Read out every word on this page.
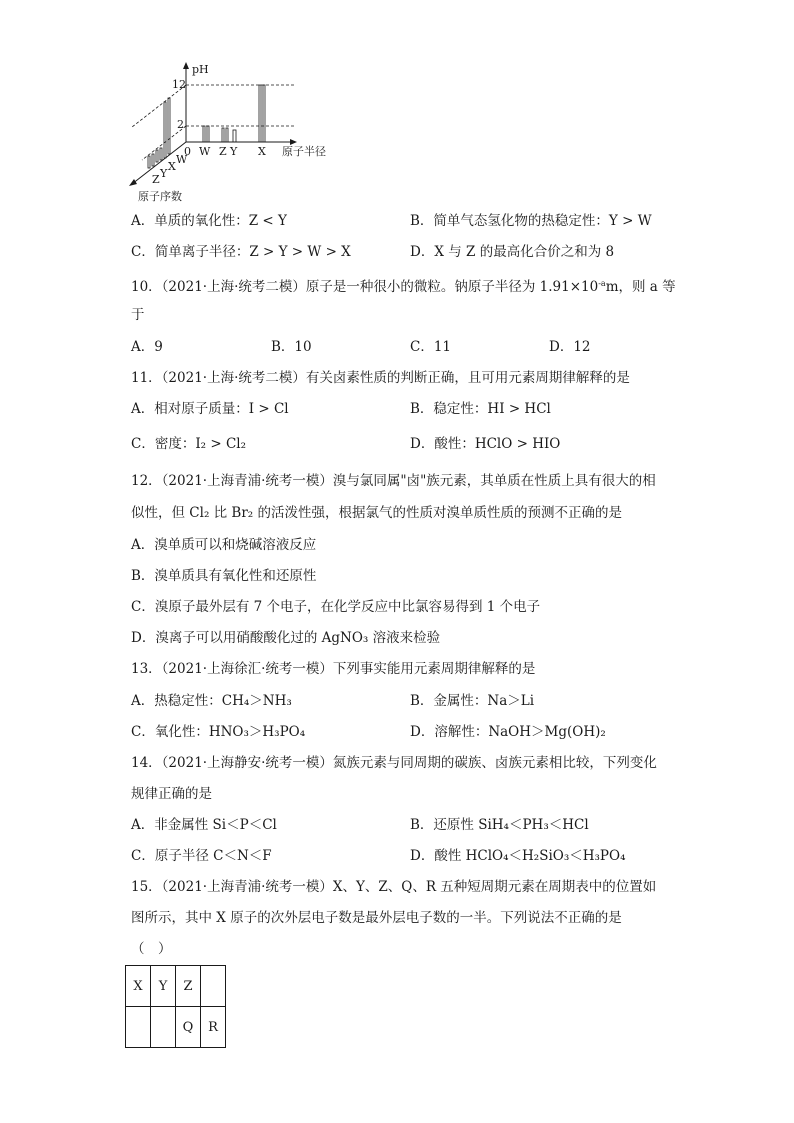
pH
12
2
0 W Z Y X 原子半径
Z Y
X
W
原子序数
A．单质的氧化性：Z < Y	B．简单气态氢化物的热稳定性：Y > W
C．简单离子半径：Z > Y > W > X	D．X 与 Z 的最高化合价之和为 8
10．（2021·上海·统考二模）原子是一种很小的微粒。钠原子半径为 $1.91\times 10^{-a}m$，则 a 等
于
A．9	B．10	C．11	D．12
11．（2021·上海·统考二模）有关卤素性质的判断正确，且可用元素周期律解释的是
A．相对原子质量：I > Cl	B．稳定性：HI > HCl
C．密度：I₂ > Cl₂	D．酸性：HClO > HIO
12．（2021·上海青浦·统考一模）溴与氯同属"卤"族元素，其单质在性质上具有很大的相
似性，但 Cl₂ 比 Br₂ 的活泼性强，根据氯气的性质对溴单质性质的预测不正确的是
A．溴单质可以和烧碱溶液反应
B．溴单质具有氧化性和还原性
C．溴原子最外层有 7 个电子，在化学反应中比氯容易得到 1 个电子
D．溴离子可以用硝酸酸化过的 AgNO₃ 溶液来检验
13．（2021·上海徐汇·统考一模）下列事实能用元素周期律解释的是
A．热稳定性：CH₄＞NH₃	B．金属性：Na＞Li
C．氧化性：HNO₃＞H₃PO₄	D．溶解性：NaOH＞Mg(OH)₂
14．（2021·上海静安·统考一模）氮族元素与同周期的碳族、卤族元素相比较，下列变化
规律正确的是
A．非金属性 Si＜P＜Cl	B．还原性 SiH₄＜PH₃＜HCl
C．原子半径 C＜N＜F	D．酸性 HClO₄＜H₂SiO₃＜H₃PO₄
15．（2021·上海青浦·统考一模）X、Y、Z、Q、R 五种短周期元素在周期表中的位置如
图所示，其中 X 原子的次外层电子数是最外层电子数的一半。下列说法不正确的是
（　）
X	Y	Z	
		Q	R
